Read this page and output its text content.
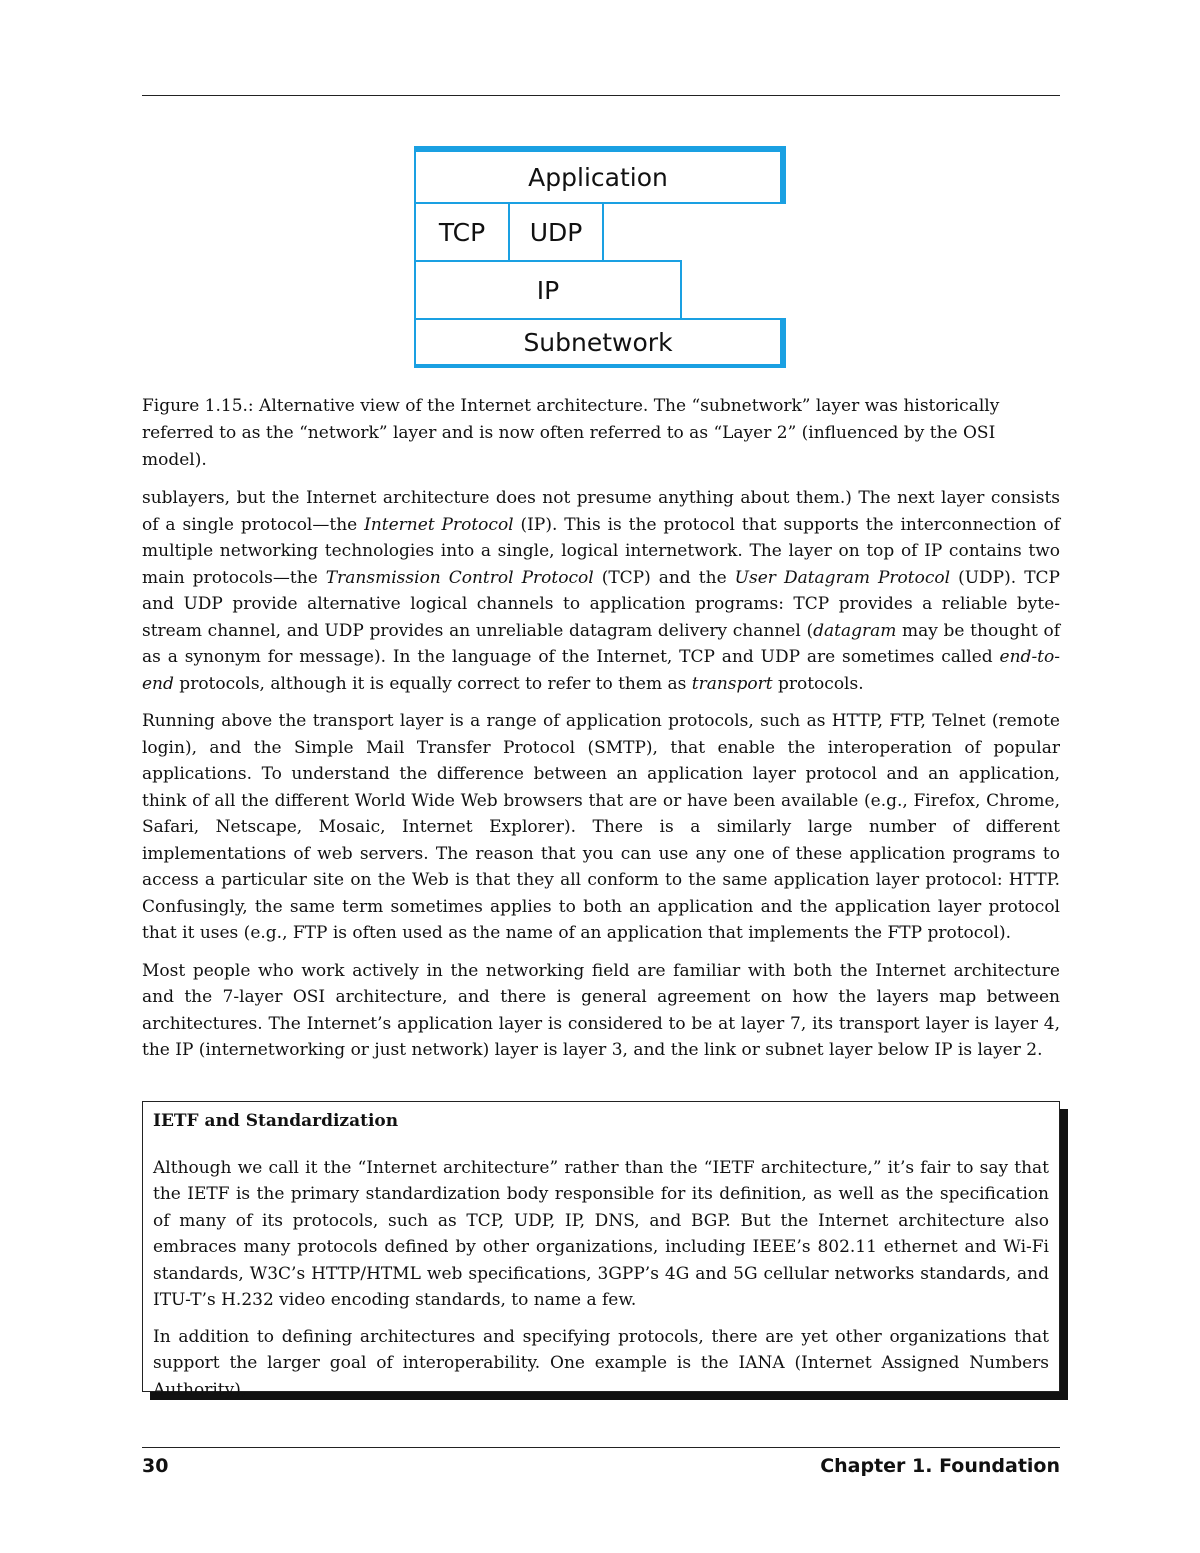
Application
TCP UDP
IP
Subnetwork
Figure 1.15.: Alternative view of the Internet architecture. The “subnetwork” layer was historically referred to as the “network” layer and is now often referred to as “Layer 2” (influenced by the OSI model).

sublayers, but the Internet architecture does not presume anything about them.) The next layer consists of a single protocol—the Internet Protocol (IP). This is the protocol that supports the interconnection of multiple networking technologies into a single, logical internetwork. The layer on top of IP contains two main protocols—the Transmission Control Protocol (TCP) and the User Datagram Protocol (UDP). TCP and UDP provide alternative logical channels to application programs: TCP provides a reliable byte-stream channel, and UDP provides an unreliable datagram delivery channel (datagram may be thought of as a synonym for message). In the language of the Internet, TCP and UDP are sometimes called end-to-end protocols, although it is equally correct to refer to them as transport protocols.

Running above the transport layer is a range of application protocols, such as HTTP, FTP, Telnet (remote login), and the Simple Mail Transfer Protocol (SMTP), that enable the interoperation of popular applications. To understand the difference between an application layer protocol and an application, think of all the different World Wide Web browsers that are or have been available (e.g., Firefox, Chrome, Safari, Netscape, Mosaic, Internet Explorer). There is a similarly large number of different implementations of web servers. The reason that you can use any one of these application programs to access a particular site on the Web is that they all conform to the same application layer protocol: HTTP. Confusingly, the same term sometimes applies to both an application and the application layer protocol that it uses (e.g., FTP is often used as the name of an application that implements the FTP protocol).

Most people who work actively in the networking field are familiar with both the Internet architecture and the 7-layer OSI architecture, and there is general agreement on how the layers map between architectures. The Internet’s application layer is considered to be at layer 7, its transport layer is layer 4, the IP (internetworking or just network) layer is layer 3, and the link or subnet layer below IP is layer 2.

IETF and Standardization

Although we call it the “Internet architecture” rather than the “IETF architecture,” it’s fair to say that the IETF is the primary standardization body responsible for its definition, as well as the specification of many of its protocols, such as TCP, UDP, IP, DNS, and BGP. But the Internet architecture also embraces many protocols defined by other organizations, including IEEE’s 802.11 ethernet and Wi-Fi standards, W3C’s HTTP/HTML web specifications, 3GPP’s 4G and 5G cellular networks standards, and ITU-T’s H.232 video encoding standards, to name a few.

In addition to defining architectures and specifying protocols, there are yet other organizations that support the larger goal of interoperability. One example is the IANA (Internet Assigned Numbers Authority),

30	Chapter 1. Foundation
